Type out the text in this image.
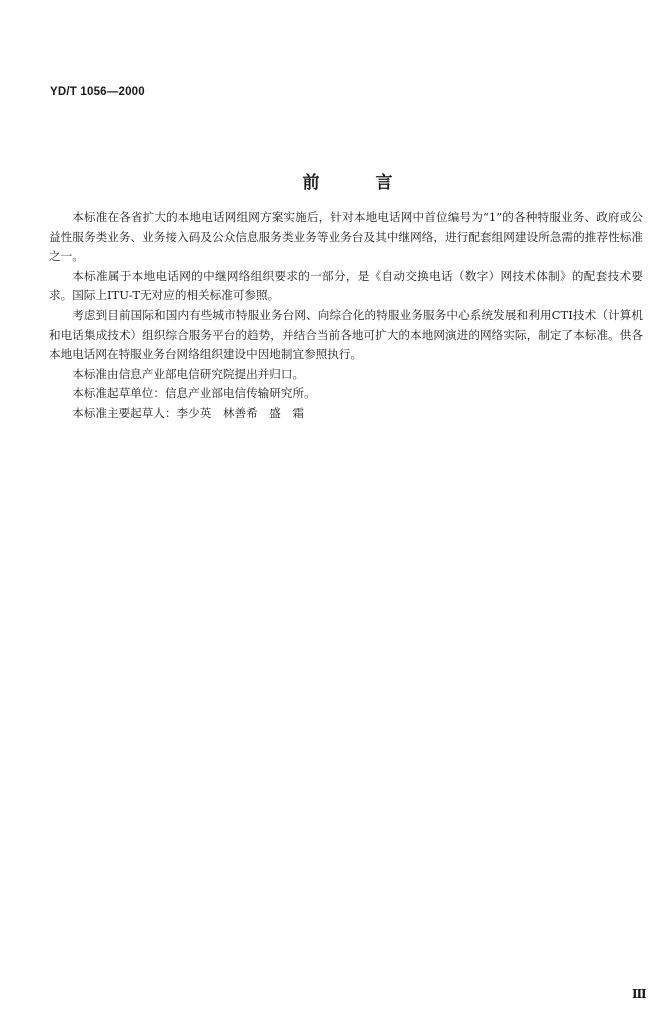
YD/T 1056—2000
前 言

本标准在各省扩大的本地电话网组网方案实施后，针对本地电话网中首位编号为“1”的各种特服业务、政府或公益性服务类业务、业务接入码及公众信息服务类业务等业务台及其中继网络，进行配套组网建设所急需的推荐性标准之一。

本标准属于本地电话网的中继网络组织要求的一部分，是《自动交换电话（数字）网技术体制》的配套技术要求。国际上ITU-T无对应的相关标准可参照。

考虑到目前国际和国内有些城市特服业务台网、向综合化的特服业务服务中心系统发展和利用CTI技术（计算机和电话集成技术）组织综合服务平台的趋势，并结合当前各地可扩大的本地网演进的网络实际，制定了本标准。供各本地电话网在特服业务台网络组织建设中因地制宜参照执行。

本标准由信息产业部电信研究院提出并归口。

本标准起草单位：信息产业部电信传输研究所。

本标准主要起草人：李少英　林善希　盛　霜

Ⅲ
